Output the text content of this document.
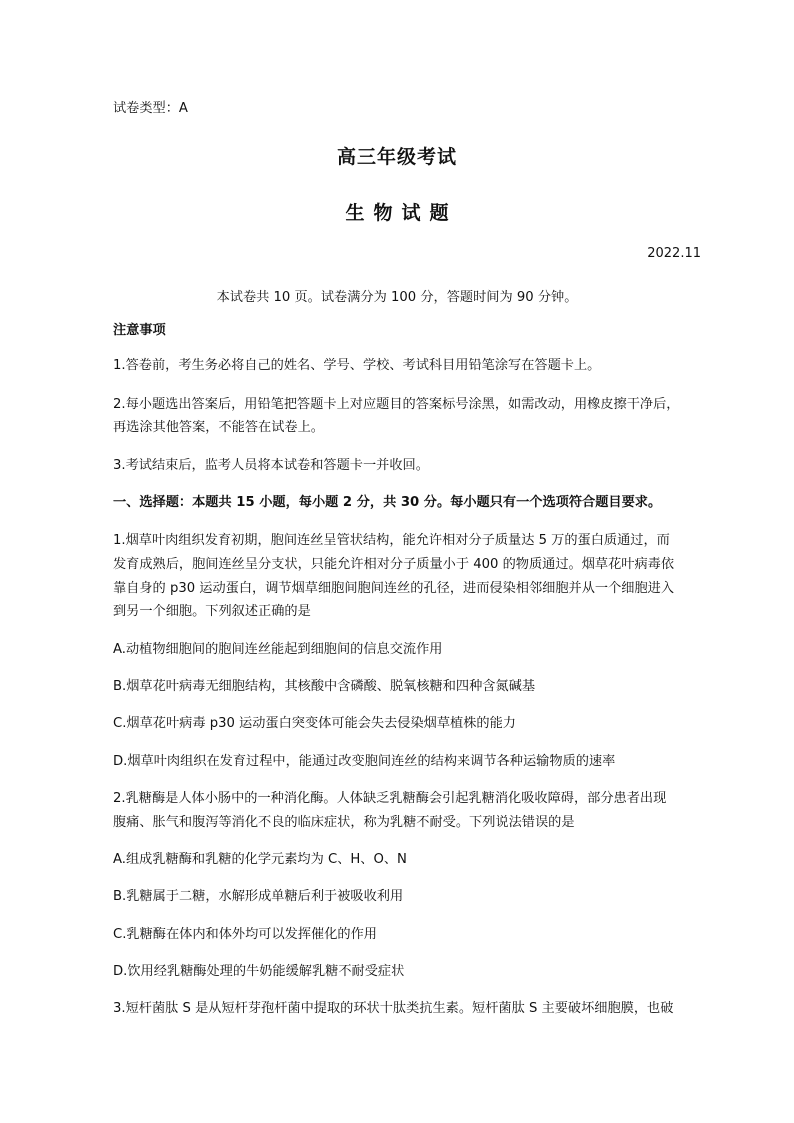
试卷类型：A
高三年级考试
生物试题
2022.11
本试卷共 10 页。试卷满分为 100 分，答题时间为 90 分钟。
注意事项
1.答卷前，考生务必将自己的姓名、学号、学校、考试科目用铅笔涂写在答题卡上。
2.每小题选出答案后，用铅笔把答题卡上对应题目的答案标号涂黑，如需改动，用橡皮擦干净后，
再选涂其他答案，不能答在试卷上。
3.考试结束后，监考人员将本试卷和答题卡一并收回。
一、选择题：本题共 15 小题，每小题 2 分，共 30 分。每小题只有一个选项符合题目要求。
1.烟草叶肉组织发育初期，胞间连丝呈管状结构，能允许相对分子质量达 5 万的蛋白质通过，而
发育成熟后，胞间连丝呈分支状，只能允许相对分子质量小于 400 的物质通过。烟草花叶病毒依
靠自身的 p30 运动蛋白，调节烟草细胞间胞间连丝的孔径，进而侵染相邻细胞并从一个细胞进入
到另一个细胞。下列叙述正确的是
A.动植物细胞间的胞间连丝能起到细胞间的信息交流作用
B.烟草花叶病毒无细胞结构，其核酸中含磷酸、脱氧核糖和四种含氮碱基
C.烟草花叶病毒 p30 运动蛋白突变体可能会失去侵染烟草植株的能力
D.烟草叶肉组织在发育过程中，能通过改变胞间连丝的结构来调节各种运输物质的速率
2.乳糖酶是人体小肠中的一种消化酶。人体缺乏乳糖酶会引起乳糖消化吸收障碍，部分患者出现
腹痛、胀气和腹泻等消化不良的临床症状，称为乳糖不耐受。下列说法错误的是
A.组成乳糖酶和乳糖的化学元素均为 C、H、O、N
B.乳糖属于二糖，水解形成单糖后利于被吸收利用
C.乳糖酶在体内和体外均可以发挥催化的作用
D.饮用经乳糖酶处理的牛奶能缓解乳糖不耐受症状
3.短杆菌肽 S 是从短杆芽孢杆菌中提取的环状十肽类抗生素。短杆菌肽 S 主要破坏细胞膜，也破
